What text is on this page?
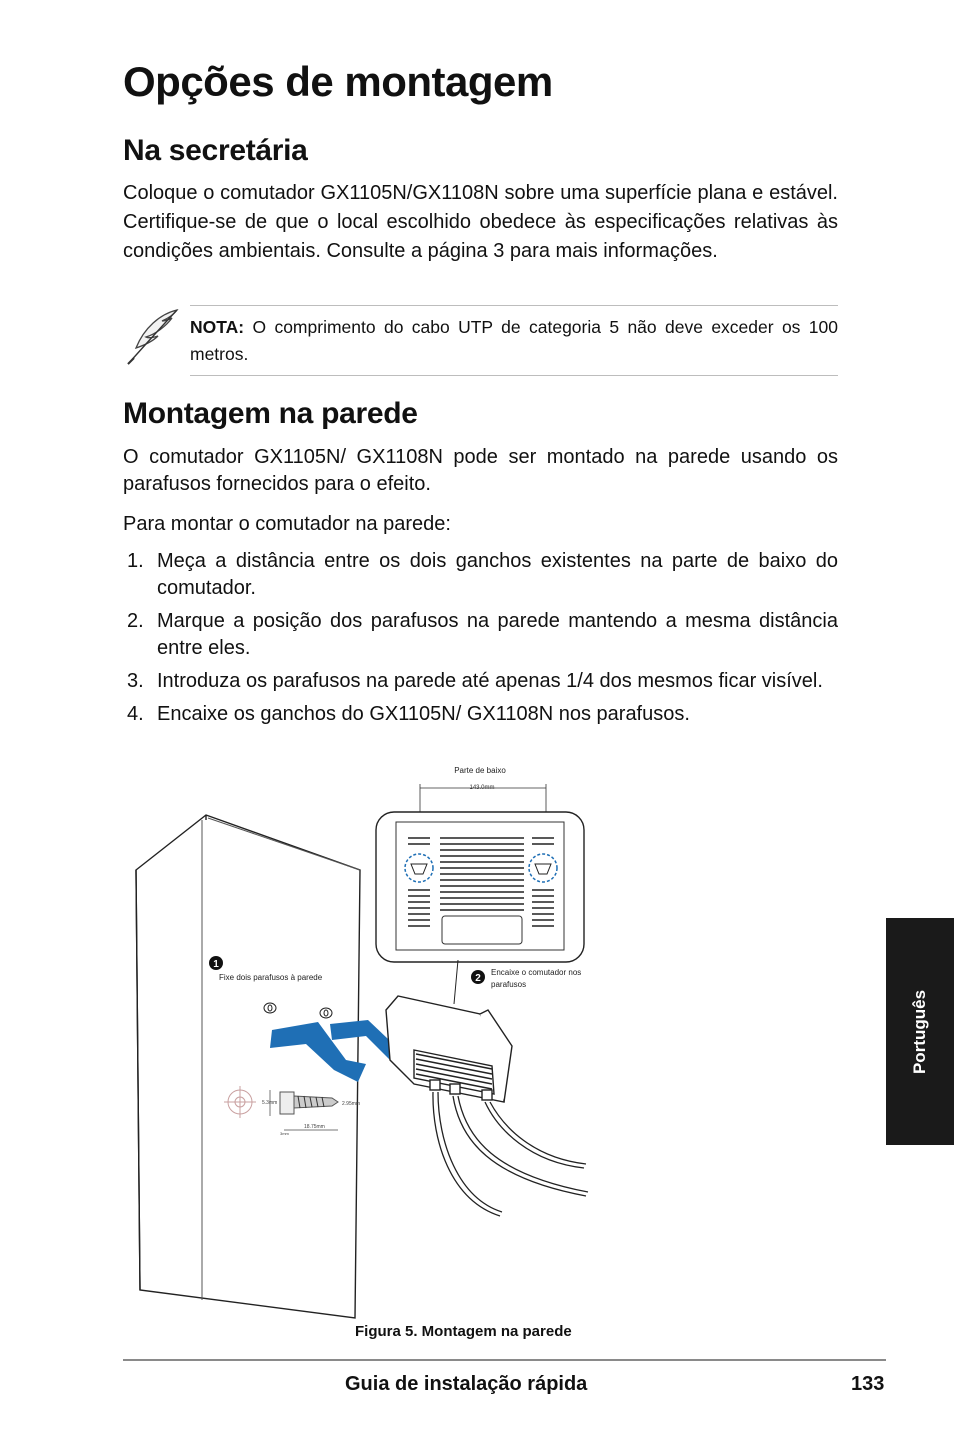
Opções de montagem
Na secretária

Coloque o comutador GX1105N/GX1108N sobre uma superfície plana e estável. Certifique-se de que o local escolhido obedece às especificações relativas às condições ambientais. Consulte a página 3 para mais informações.

NOTA: O comprimento do cabo UTP de categoria 5 não deve exceder os 100 metros.

Montagem na parede

O comutador GX1105N/ GX1108N pode ser montado na parede usando os parafusos fornecidos para o efeito.

Para montar o comutador na parede:

1. Meça a distância entre os dois ganchos existentes na parte de baixo do comutador.
2. Marque a posição dos parafusos na parede mantendo a mesma distância entre eles.
3. Introduza os parafusos na parede até apenas 1/4 dos mesmos ficar visível.
4. Encaixe os ganchos do GX1105N/ GX1108N nos parafusos.
1
Fixe dois parafusos à parede
5.3mm	2.95mm
18.75mm
3mm
Parte de baixo
143.0mm
2
Encaixe o comutador nos
parafusos
Figura 5. Montagem na parede
Português
Guia de instalação rápida	133
